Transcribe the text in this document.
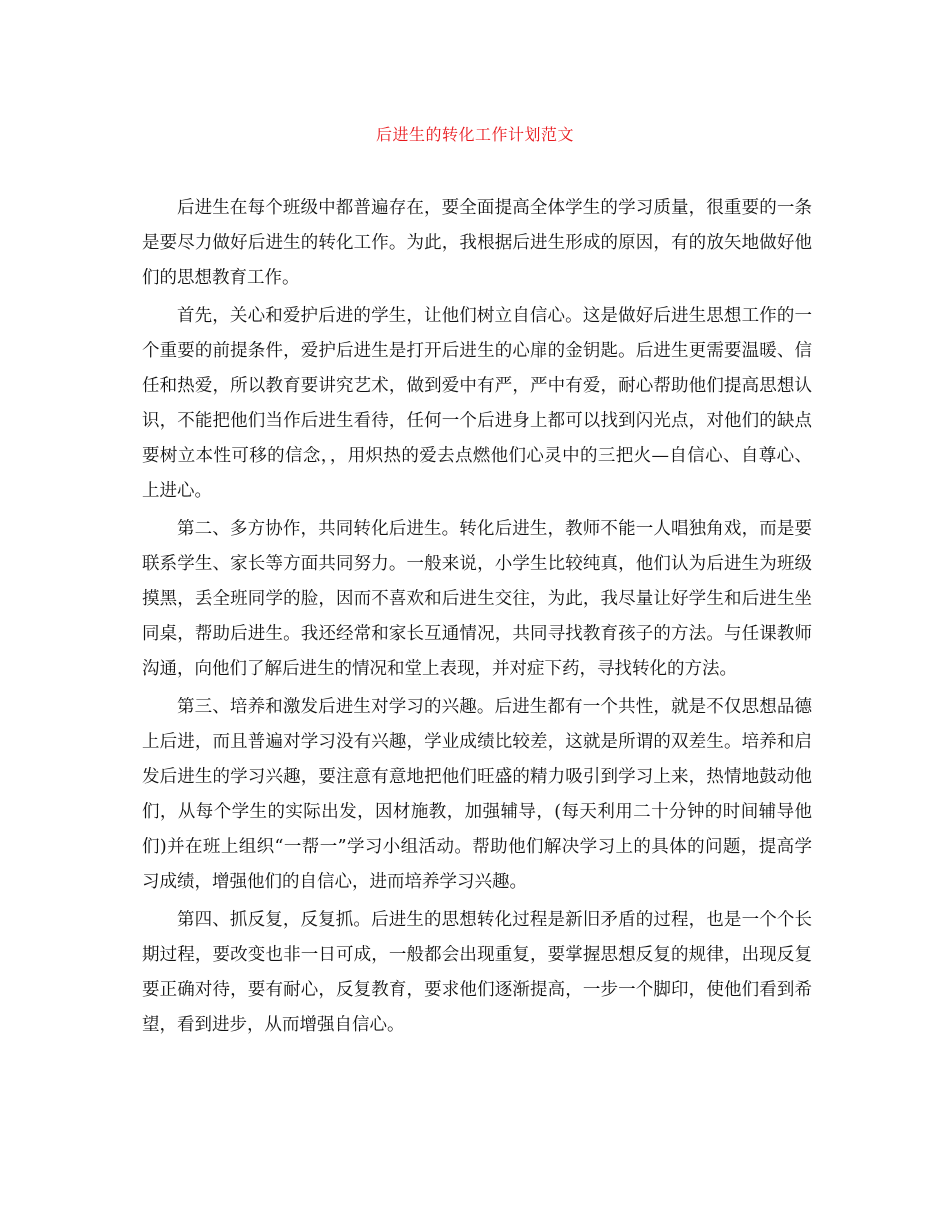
后进生的转化工作计划范文

后进生在每个班级中都普遍存在，要全面提高全体学生的学习质量，很重要的一条是要尽力做好后进生的转化工作。为此，我根据后进生形成的原因，有的放矢地做好他们的思想教育工作。

首先，关心和爱护后进的学生，让他们树立自信心。这是做好后进生思想工作的一个重要的前提条件，爱护后进生是打开后进生的心扉的金钥匙。后进生更需要温暖、信任和热爱，所以教育要讲究艺术，做到爱中有严，严中有爱，耐心帮助他们提高思想认识，不能把他们当作后进生看待，任何一个后进身上都可以找到闪光点，对他们的缺点要树立本性可移的信念，，用炽热的爱去点燃他们心灵中的三把火—自信心、自尊心、上进心。

第二、多方协作，共同转化后进生。转化后进生，教师不能一人唱独角戏，而是要联系学生、家长等方面共同努力。一般来说，小学生比较纯真，他们认为后进生为班级摸黑，丢全班同学的脸，因而不喜欢和后进生交往，为此，我尽量让好学生和后进生坐同桌，帮助后进生。我还经常和家长互通情况，共同寻找教育孩子的方法。与任课教师沟通，向他们了解后进生的情况和堂上表现，并对症下药，寻找转化的方法。

第三、培养和激发后进生对学习的兴趣。后进生都有一个共性，就是不仅思想品德上后进，而且普遍对学习没有兴趣，学业成绩比较差，这就是所谓的双差生。培养和启发后进生的学习兴趣，要注意有意地把他们旺盛的精力吸引到学习上来，热情地鼓动他们，从每个学生的实际出发，因材施教，加强辅导，(每天利用二十分钟的时间辅导他们)并在班上组织“一帮一”学习小组活动。帮助他们解决学习上的具体的问题，提高学习成绩，增强他们的自信心，进而培养学习兴趣。

第四、抓反复，反复抓。后进生的思想转化过程是新旧矛盾的过程，也是一个个长期过程，要改变也非一日可成，一般都会出现重复，要掌握思想反复的规律，出现反复要正确对待，要有耐心，反复教育，要求他们逐渐提高，一步一个脚印，使他们看到希望，看到进步，从而增强自信心。
